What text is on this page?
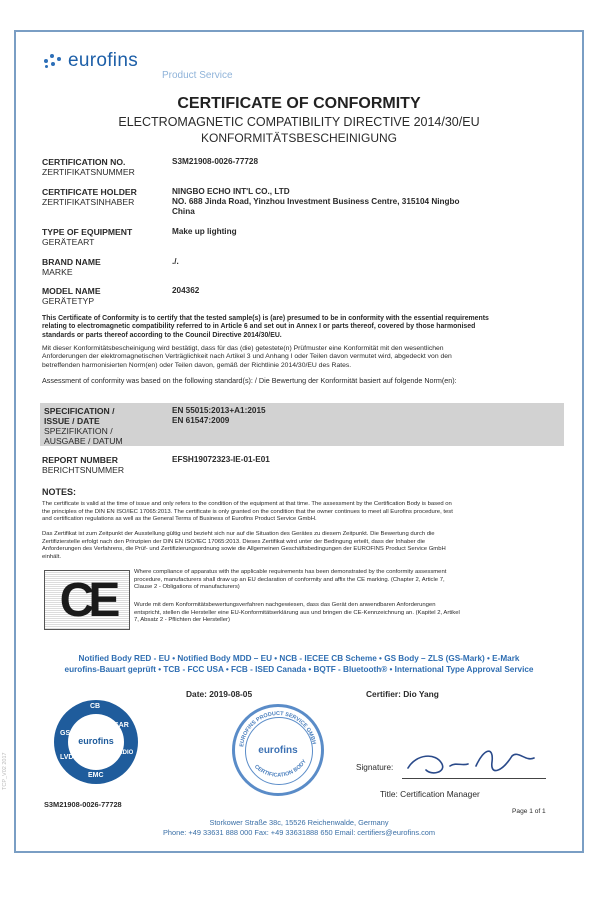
eurofins
Product Service
CERTIFICATE OF CONFORMITY
ELECTROMAGNETIC COMPATIBILITY DIRECTIVE 2014/30/EU
KONFORMITÄTSBESCHEINIGUNG
CERTIFICATION NO.
ZERTIFIKATSNUMMER
S3M21908-0026-77728
CERTIFICATE HOLDER
ZERTIFIKATSINHABER
NINGBO ECHO INT'L CO., LTD
NO. 688 Jinda Road, Yinzhou Investment Business Centre, 315104 Ningbo
China
TYPE OF EQUIPMENT
GERÄTEART
Make up lighting
BRAND NAME
MARKE
./.
MODEL NAME
GERÄTETYP
204362
This Certificate of Conformity is to certify that the tested sample(s) is (are) presumed to be in conformity with the essential requirements
relating to electromagnetic compatibility referred to in Article 6 and set out in Annex I or parts thereof, covered by those harmonised
standards or parts thereof according to the Council Directive 2014/30/EU.
Mit dieser Konformitätsbescheinigung wird bestätigt, dass für das (die) getestete(n) Prüfmuster eine Konformität mit den wesentlichen
Anforderungen der elektromagnetischen Verträglichkeit nach Artikel 3 und Anhang I oder Teilen davon vermutet wird, abgedeckt von den
betreffenden harmonisierten Norm(en) oder Teilen davon, gemäß der Richtlinie 2014/30/EU des Rates.
Assessment of conformity was based on the following standard(s): / Die Bewertung der Konformität basiert auf folgende Norm(en):
SPECIFICATION /
ISSUE / DATE
SPEZIFIKATION /
AUSGABE / DATUM
EN 55015:2013+A1:2015
EN 61547:2009
REPORT NUMBER
BERICHTSNUMMER
EFSH19072323-IE-01-E01
NOTES:
The certificate is valid at the time of issue and only refers to the condition of the equipment at that time. The assessment by the Certification Body is based on
the principles of the DIN EN ISO/IEC 17065:2013. The certificate is only granted on the condition that the owner continues to meet all Eurofins procedure, test
and certification regulations as well as the General Terms of Business of Eurofins Product Service GmbH.
Das Zertifikat ist zum Zeitpunkt der Ausstellung gültig und bezieht sich nur auf die Situation des Gerätes zu diesem Zeitpunkt. Die Bewertung durch die
Zertifizierstelle erfolgt nach den Prinzipien der DIN EN ISO/IEC 17065:2013. Dieses Zertifikat wird unter der Bedingung erteilt, dass der Inhaber die
Anforderungen des Verfahrens, die Prüf- und Zertifizierungsordnung sowie die Allgemeinen Geschäftsbedingungen der EUROFINS Product Service GmbH
einhält.
CE
Where compliance of apparatus with the applicable requirements has been demonstrated by the conformity assessment
procedure, manufacturers shall draw up an EU declaration of conformity and affix the CE marking. (Chapter 2, Article 7,
Clause 2 - Obligations of manufacturers)
Wurde mit dem Konformitätsbewertungsverfahren nachgewiesen, dass das Gerät den anwendbaren Anforderungen
entspricht, stellen die Hersteller eine EU-Konformitätserklärung aus und bringen die CE-Kennzeichnung an. (Kapitel 2, Artikel
7, Absatz 2 - Pflichten der Hersteller)
Notified Body RED - EU • Notified Body MDD – EU • NCB - IECEE CB Scheme • GS Body – ZLS (GS-Mark) • E-Mark
eurofins-Bauart geprüft • TCB - FCC USA • FCB - ISED Canada • BQTF - Bluetooth® • International Type Approval Service
Date: 2019-08-05	Certifier: Dio Yang
eurofins
GS
CB
SAR
RADIO
EMC
LVD
eurofins
EUROFINS PRODUCT SERVICE GMBH
CERTIFICATION BODY
Signature:
Title: Certification Manager
S3M21908-0026-77728
Page 1 of 1
Storkower Straße 38c, 15526 Reichenwalde, Germany
Phone: +49 33631 888 000 Fax: +49 33631888 650 Email: certifiers@eurofins.com
TCP_V02 2017
